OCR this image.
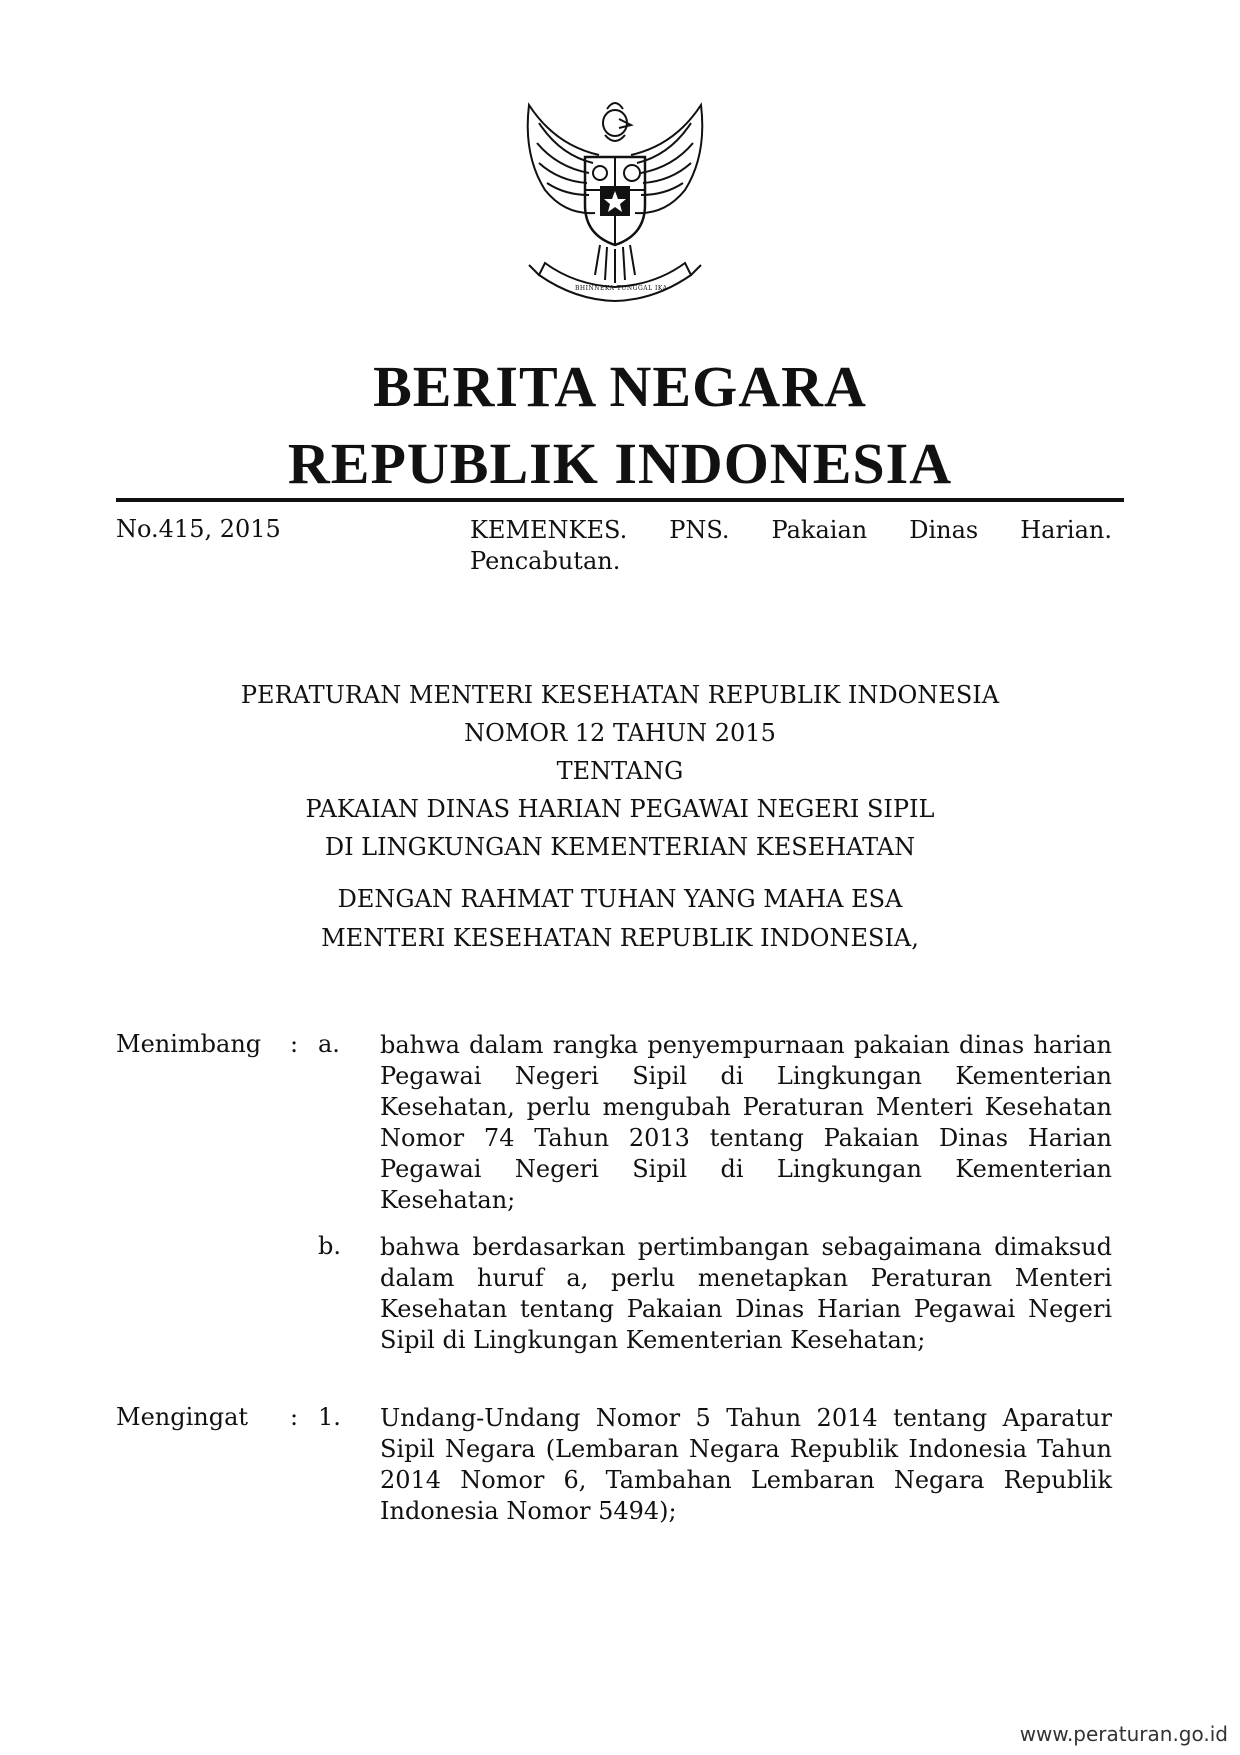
BHINNEKA TUNGGAL IKA
BERITA NEGARA
REPUBLIK INDONESIA
No.415, 2015	KEMENKES. PNS. Pakaian Dinas Harian. Pencabutan.
PERATURAN MENTERI KESEHATAN REPUBLIK INDONESIA
NOMOR 12 TAHUN 2015
TENTANG
PAKAIAN DINAS HARIAN PEGAWAI NEGERI SIPIL
DI LINGKUNGAN KEMENTERIAN KESEHATAN
DENGAN RAHMAT TUHAN YANG MAHA ESA
MENTERI KESEHATAN REPUBLIK INDONESIA,
Menimbang : a. bahwa dalam rangka penyempurnaan pakaian dinas harian Pegawai Negeri Sipil di Lingkungan Kementerian Kesehatan, perlu mengubah Peraturan Menteri Kesehatan Nomor 74 Tahun 2013 tentang Pakaian Dinas Harian Pegawai Negeri Sipil di Lingkungan Kementerian Kesehatan;
b. bahwa berdasarkan pertimbangan sebagaimana dimaksud dalam huruf a, perlu menetapkan Peraturan Menteri Kesehatan tentang Pakaian Dinas Harian Pegawai Negeri Sipil di Lingkungan Kementerian Kesehatan;
Mengingat : 1. Undang-Undang Nomor 5 Tahun 2014 tentang Aparatur Sipil Negara (Lembaran Negara Republik Indonesia Tahun 2014 Nomor 6, Tambahan Lembaran Negara Republik Indonesia Nomor 5494);
www.peraturan.go.id
